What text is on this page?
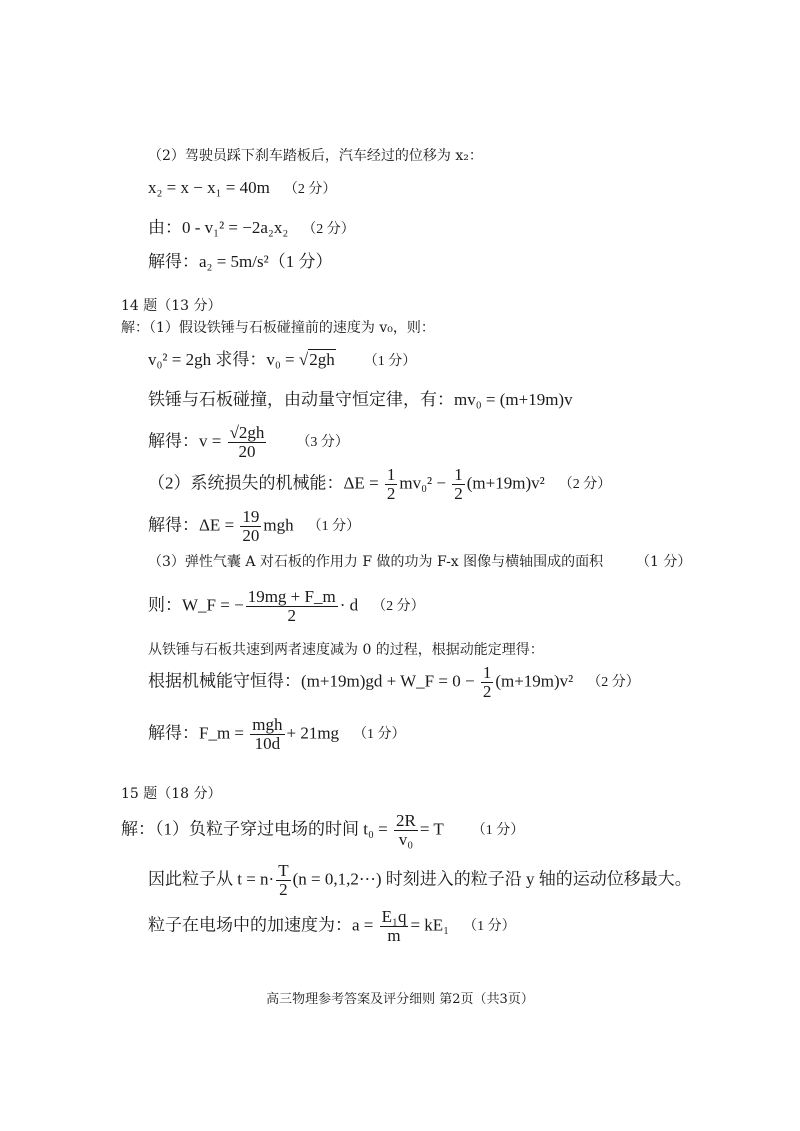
（2）驾驶员踩下刹车踏板后，汽车经过的位移为 x₂：
x₂ = x − x₁ = 40m （2 分）
由：0 - v₁² = −2a₂x₂ （2 分）
解得：a₂ = 5m/s²（1 分）
14 题（13 分）
解：（1）假设铁锤与石板碰撞前的速度为 v₀，则：
v₀² = 2gh 求得：v₀ = √2gh （1 分）
铁锤与石板碰撞，由动量守恒定律，有：mv₀ = (m+19m)v
解得：$v = \frac{√2gh}{20} (3$ 分）
（2）系统损失的机械能：$\Delta E = \frac{1}{2} mv_0^2 - \frac{1}{2} (m+19m)v^2$ （2 分）
解得：$\Delta E = \frac{19}{20}$ mgh （1 分）
（3）弹性气囊 A 对石板的作用力 F 做的功为 F-x 图像与横轴围成的面积 （1 分）
则：W_F = − $\frac{19mg + F\_m}{2} \cdot d$ （2 分）
从铁锤与石板共速到两者速度减为 0 的过程，根据动能定理得：
根据机械能守恒得：(m+19m)gd + W_F = $0 - \frac{1}{2} (m+19m)v^2$ （2 分）
解得：F_m = $\frac{\text{mgh}}{10d} + 21mg$ （1 分）
15 题（18 分）
解：（1）负粒子穿过电场的时间 $t_0 = \frac{2R}{\text{v₀}} = T$ （1 分）
因此粒子从 $t = n\cdot \frac{T}{2} (n = 0,1,2\cdot\cdot\cdot)$ 时刻进入的粒子沿 y 轴的运动位移最大。
粒子在电场中的加速度为：$a = \frac{\text{E₁q}}{m} = kE_1$ （1 分）
高三物理参考答案及评分细则 第2页（共3页）
